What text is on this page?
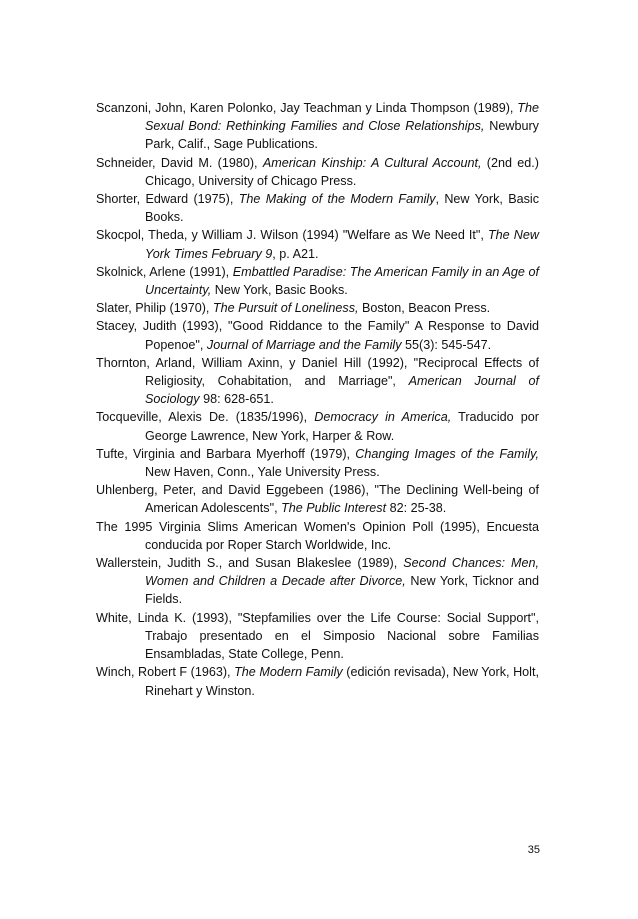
Scanzoni, John, Karen Polonko, Jay Teachman y Linda Thompson (1989), The Sexual Bond: Rethinking Families and Close Relationships, Newbury Park, Calif., Sage Publications.

Schneider, David M. (1980), American Kinship: A Cultural Account, (2nd ed.) Chicago, University of Chicago Press.

Shorter, Edward (1975), The Making of the Modern Family, New York, Basic Books.

Skocpol, Theda, y William J. Wilson (1994) "Welfare as We Need It", The New York Times February 9, p. A21.

Skolnick, Arlene (1991), Embattled Paradise: The American Family in an Age of Uncertainty, New York, Basic Books.

Slater, Philip (1970), The Pursuit of Loneliness, Boston, Beacon Press.

Stacey, Judith (1993), "Good Riddance to the Family" A Response to David Popenoe", Journal of Marriage and the Family 55(3): 545-547.

Thornton, Arland, William Axinn, y Daniel Hill (1992), "Reciprocal Effects of Religiosity, Cohabitation, and Marriage", American Journal of Sociology 98: 628-651.

Tocqueville, Alexis De. (1835/1996), Democracy in America, Traducido por George Lawrence, New York, Harper & Row.

Tufte, Virginia and Barbara Myerhoff (1979), Changing Images of the Family, New Haven, Conn., Yale University Press.

Uhlenberg, Peter, and David Eggebeen (1986), "The Declining Well-being of American Adolescents", The Public Interest 82: 25-38.

The 1995 Virginia Slims American Women's Opinion Poll (1995), Encuesta conducida por Roper Starch Worldwide, Inc.

Wallerstein, Judith S., and Susan Blakeslee (1989), Second Chances: Men, Women and Children a Decade after Divorce, New York, Ticknor and Fields.

White, Linda K. (1993), "Stepfamilies over the Life Course: Social Support", Trabajo presentado en el Simposio Nacional sobre Familias Ensambladas, State College, Penn.

Winch, Robert F (1963), The Modern Family (edición revisada), New York, Holt, Rinehart y Winston.

35
